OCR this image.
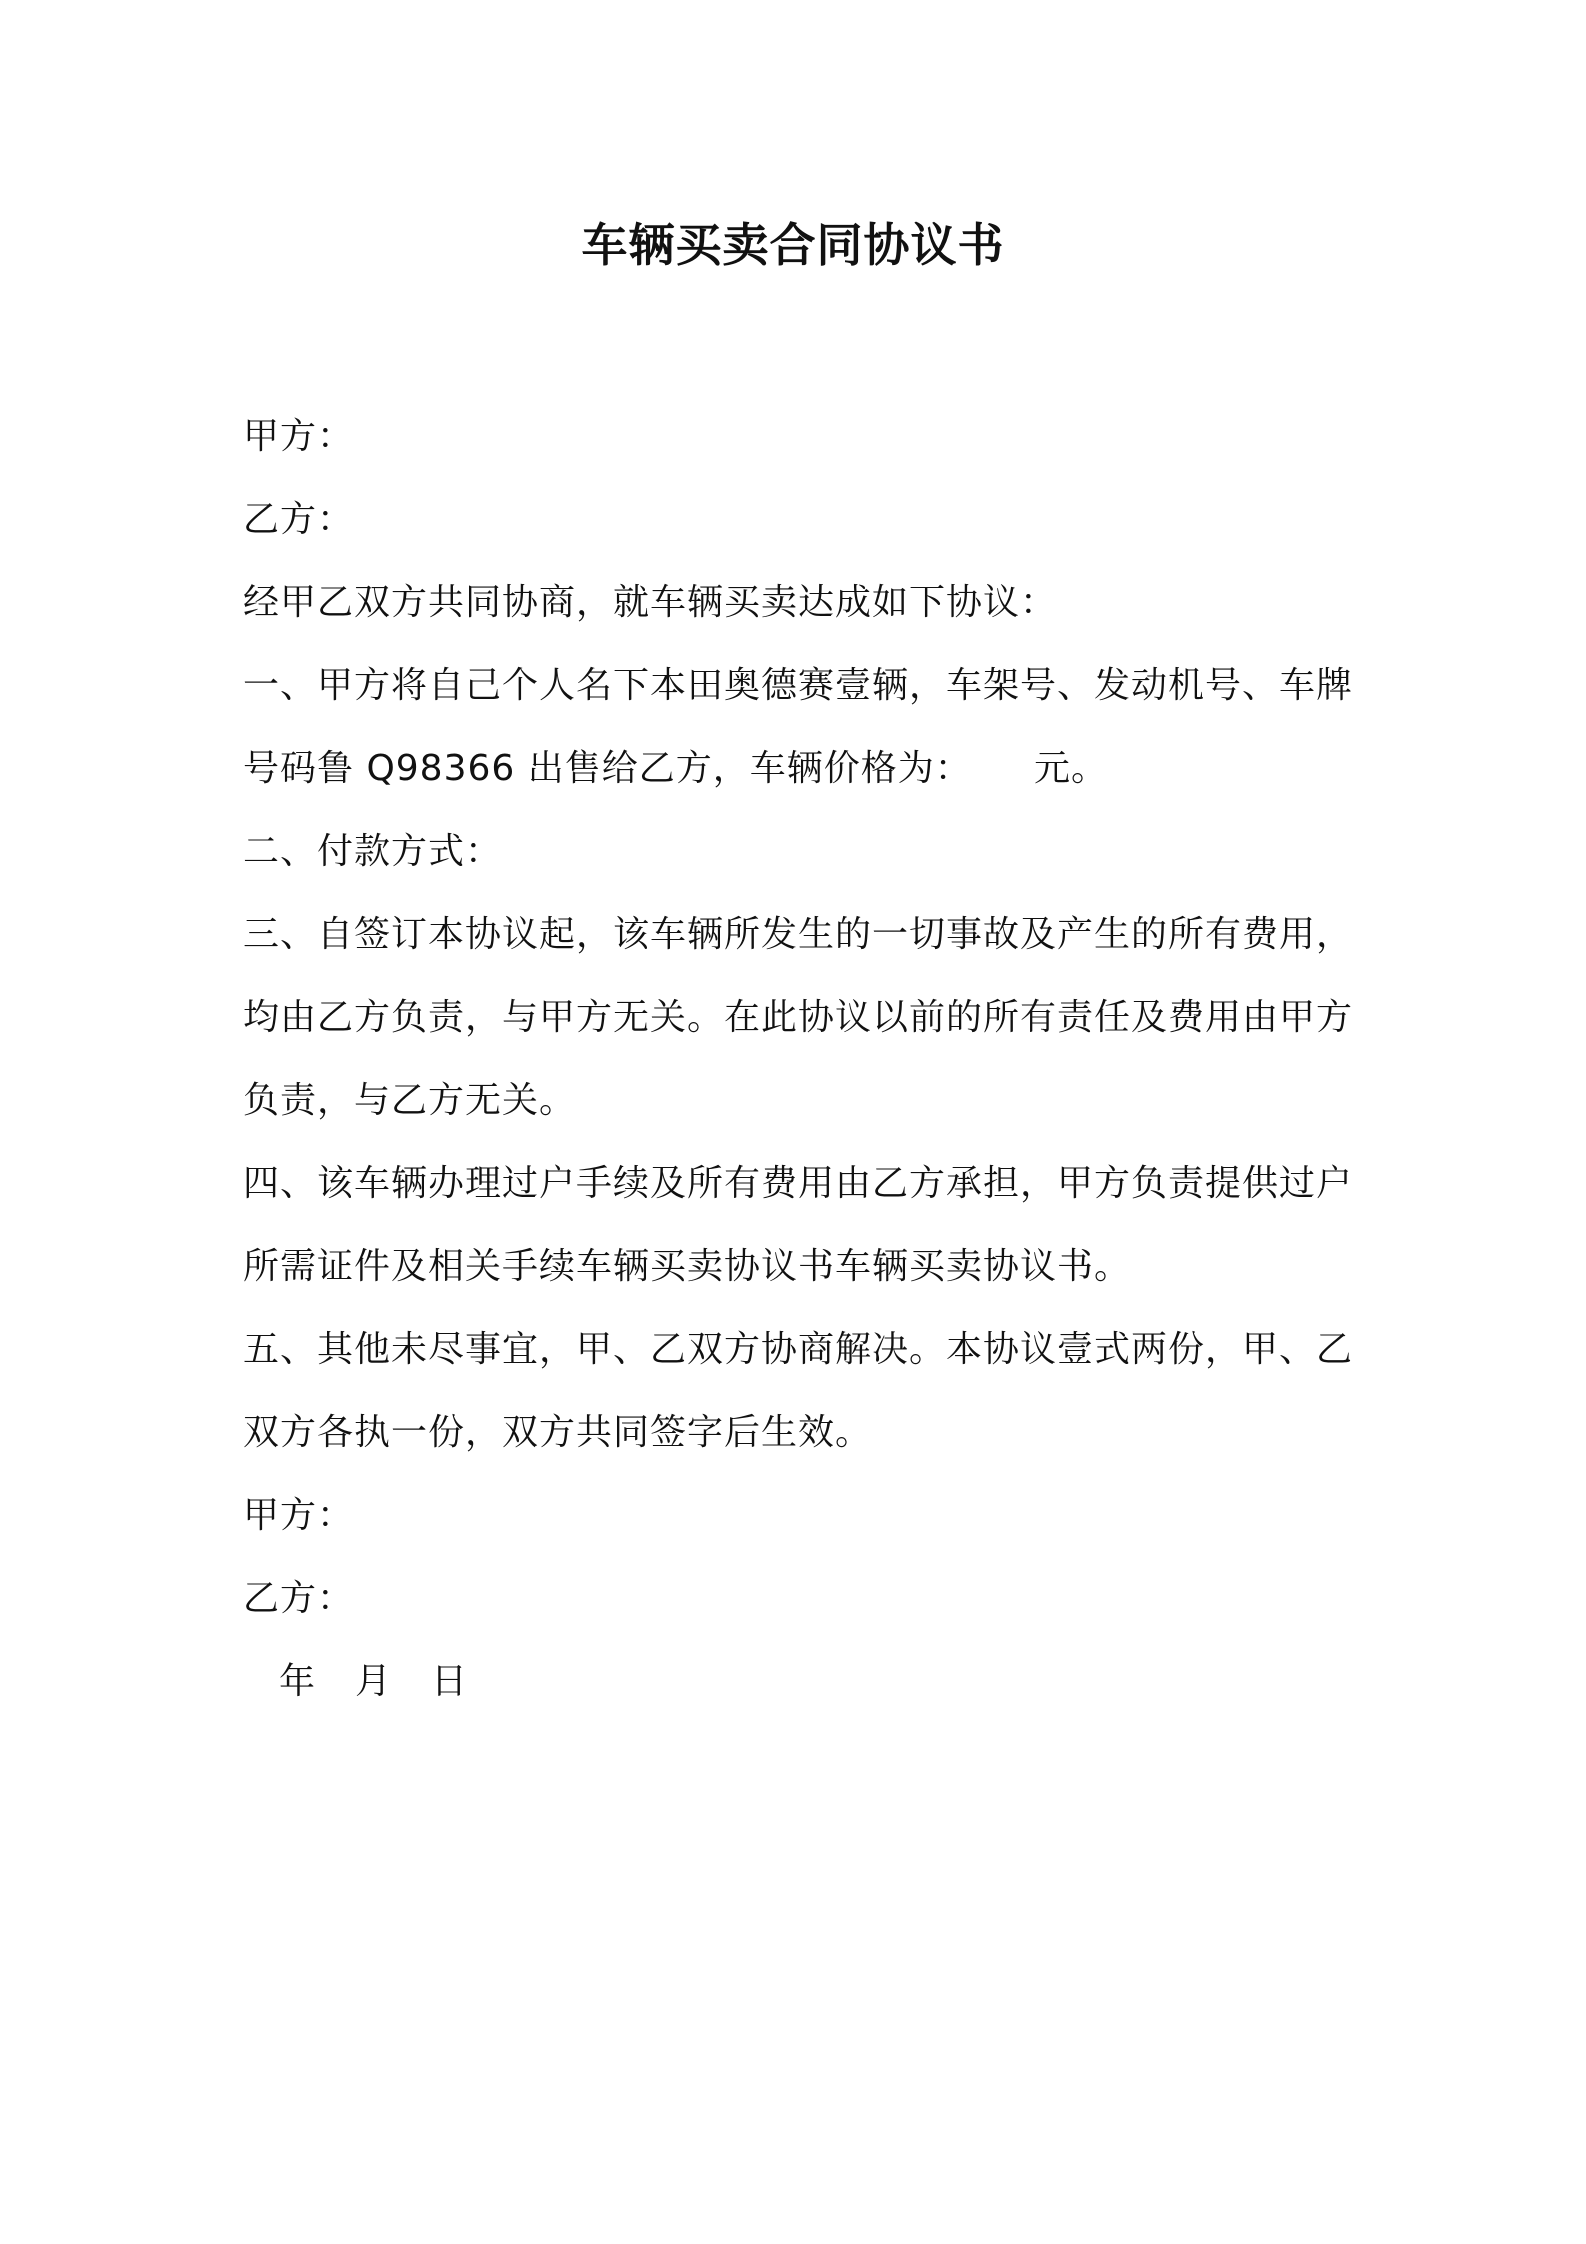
车辆买卖合同协议书
甲方：
乙方：
经甲乙双方共同协商，就车辆买卖达成如下协议：
一、甲方将自己个人名下本田奥德赛壹辆，车架号、发动机号、车牌
号码鲁 Q98366 出售给乙方，车辆价格为：     元。
二、付款方式：
三、自签订本协议起，该车辆所发生的一切事故及产生的所有费用，
均由乙方负责，与甲方无关。在此协议以前的所有责任及费用由甲方
负责，与乙方无关。
四、该车辆办理过户手续及所有费用由乙方承担，甲方负责提供过户
所需证件及相关手续车辆买卖协议书车辆买卖协议书。
五、其他未尽事宜，甲、乙双方协商解决。本协议壹式两份，甲、乙
双方各执一份，双方共同签字后生效。
甲方：
乙方：
年 月 日
